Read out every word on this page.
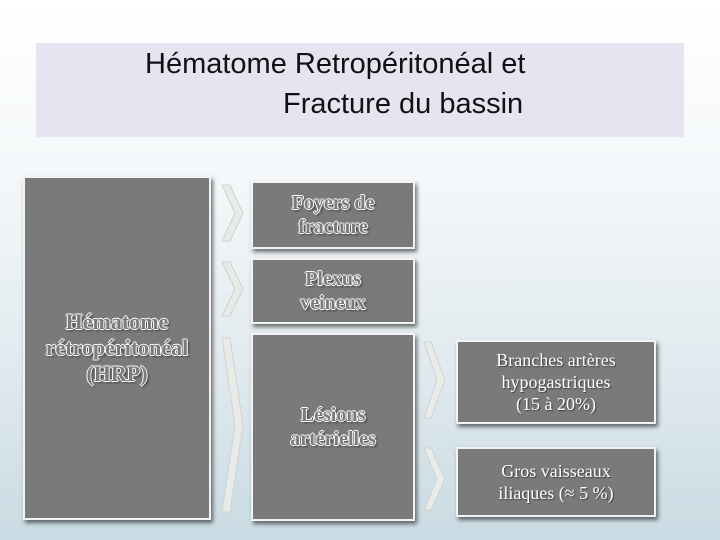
Hématome Retropéritonéal et
Fracture du bassin
Hématome
rétropéritonéal
(HRP)
Foyers de
fracture
Plexus
veineux
Lésions
artérielles
Branches artères
hypogastriques
(15 à 20%)
Gros vaisseaux
iliaques (≈ 5 %)
